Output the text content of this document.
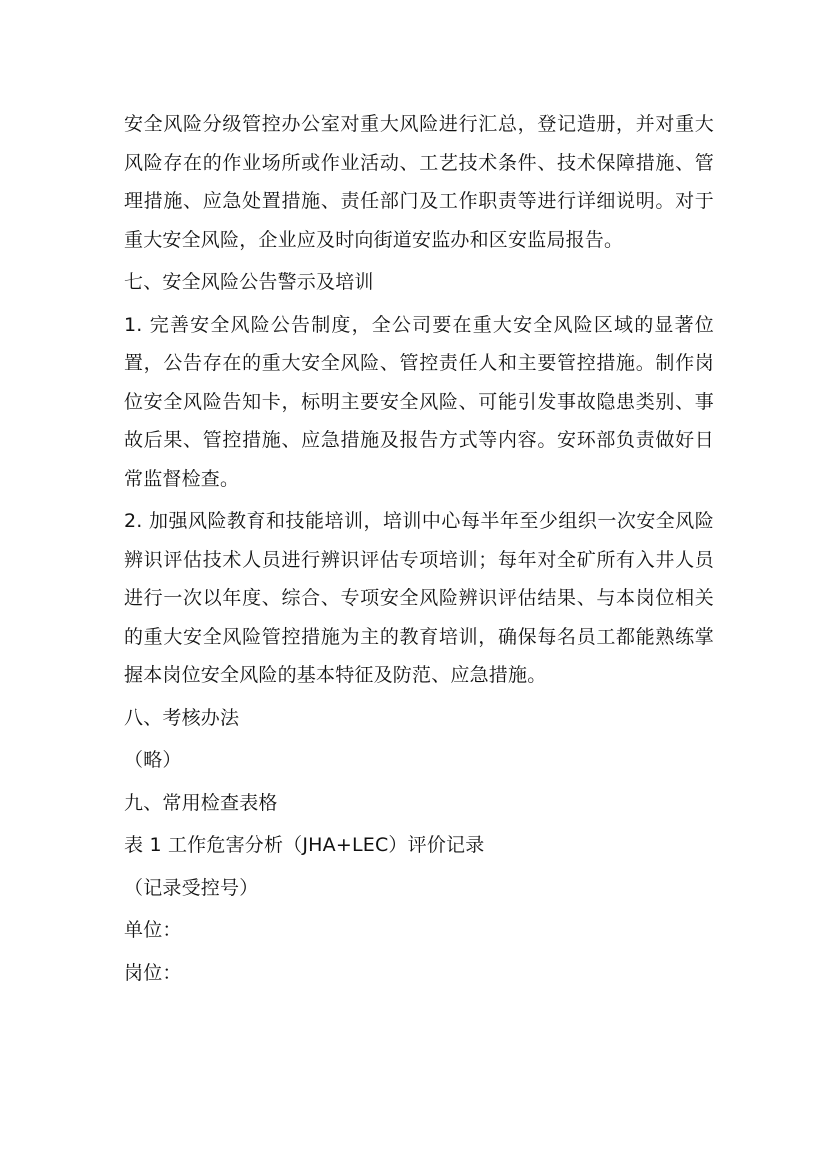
安全风险分级管控办公室对重大风险进行汇总，登记造册，并对重大风险存在的作业场所或作业活动、工艺技术条件、技术保障措施、管理措施、应急处置措施、责任部门及工作职责等进行详细说明。对于重大安全风险，企业应及时向街道安监办和区安监局报告。

七、安全风险公告警示及培训

1. 完善安全风险公告制度，全公司要在重大安全风险区域的显著位置，公告存在的重大安全风险、管控责任人和主要管控措施。制作岗位安全风险告知卡，标明主要安全风险、可能引发事故隐患类别、事故后果、管控措施、应急措施及报告方式等内容。安环部负责做好日常监督检查。

2. 加强风险教育和技能培训，培训中心每半年至少组织一次安全风险辨识评估技术人员进行辨识评估专项培训；每年对全矿所有入井人员进行一次以年度、综合、专项安全风险辨识评估结果、与本岗位相关的重大安全风险管控措施为主的教育培训，确保每名员工都能熟练掌握本岗位安全风险的基本特征及防范、应急措施。

八、考核办法

（略）

九、常用检查表格

表 1 工作危害分析（JHA+LEC）评价记录

（记录受控号）

单位：

岗位：
